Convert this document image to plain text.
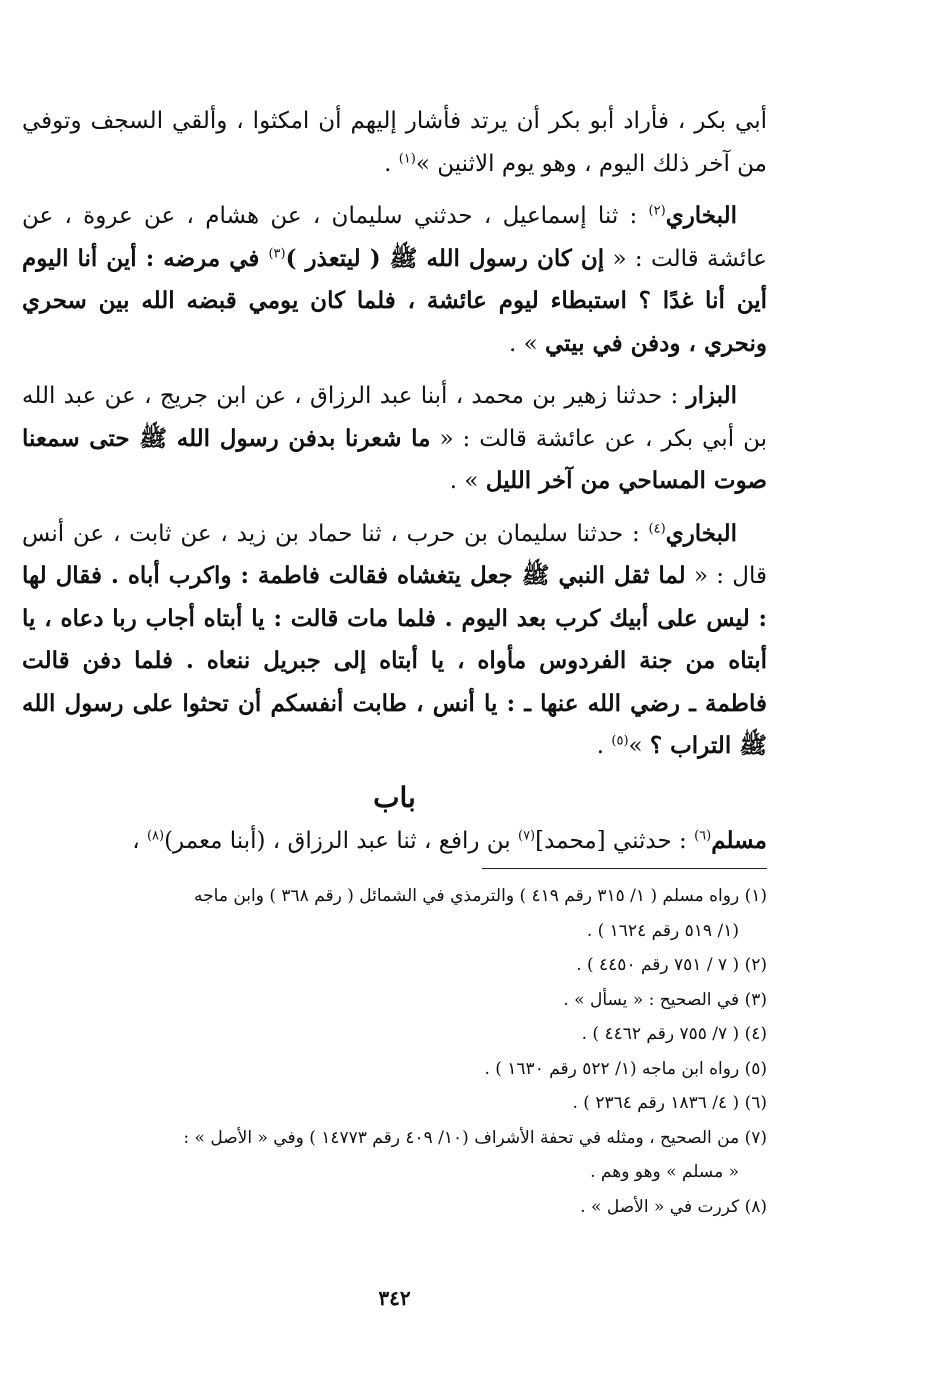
أبي بكر ، فأراد أبو بكر أن يرتد فأشار إليهم أن امكثوا ، وألقي السجف وتوفي من آخر ذلك اليوم ، وهو يوم الاثنين »$^{(١)}$ .

البخاري$^{(٢)}$ : ثنا إسماعيل ، حدثني سليمان ، عن هشام ، عن عروة ، عن عائشة قالت : « إن كان رسول الله ﷺ ( ليتعذر )$^{(٣)}$ في مرضه : أين أنا اليوم أين أنا غدًا ؟ استبطاء ليوم عائشة ، فلما كان يومي قبضه الله بين سحري ونحري ، ودفن في بيتي » .

البزار : حدثنا زهير بن محمد ، أبنا عبد الرزاق ، عن ابن جريج ، عن عبد الله بن أبي بكر ، عن عائشة قالت : « ما شعرنا بدفن رسول الله ﷺ حتى سمعنا صوت المساحي من آخر الليل » .

البخاري$^{(٤)}$ : حدثنا سليمان بن حرب ، ثنا حماد بن زيد ، عن ثابت ، عن أنس قال : « لما ثقل النبي ﷺ جعل يتغشاه فقالت فاطمة : واكرب أباه . فقال لها : ليس على أبيك كرب بعد اليوم . فلما مات قالت : يا أبتاه أجاب ربا دعاه ، يا أبتاه من جنة الفردوس مأواه ، يا أبتاه إلى جبريل ننعاه . فلما دفن قالت فاطمة ـ رضي الله عنها ـ : يا أنس ، طابت أنفسكم أن تحثوا على رسول الله ﷺ التراب ؟ »$^{(٥)}$ .

باب

مسلم$^{(٦)}$ : حدثني [محمد]$^{(٧)}$ بن رافع ، ثنا عبد الرزاق ، (أبنا معمر)$^{(٨)}$ ،

(١) رواه مسلم ( ١/ ٣١٥ رقم ٤١٩ ) والترمذي في الشمائل ( رقم ٣٦٨ ) وابن ماجه
(١/ ٥١٩ رقم ١٦٢٤ ) .
(٢) ( ٧ / ٧٥١ رقم ٤٤٥٠ ) .
(٣) في الصحيح : « يسأل » .
(٤) ( ٧/ ٧٥٥ رقم ٤٤٦٢ ) .
(٥) رواه ابن ماجه (١/ ٥٢٢ رقم ١٦٣٠ ) .
(٦) ( ٤/ ١٨٣٦ رقم ٢٣٦٤ ) .
(٧) من الصحيح ، ومثله في تحفة الأشراف (١٠/ ٤٠٩ رقم ١٤٧٧٣ ) وفي « الأصل » :
« مسلم » وهو وهم .
(٨) كررت في « الأصل » .
٣٤٢
